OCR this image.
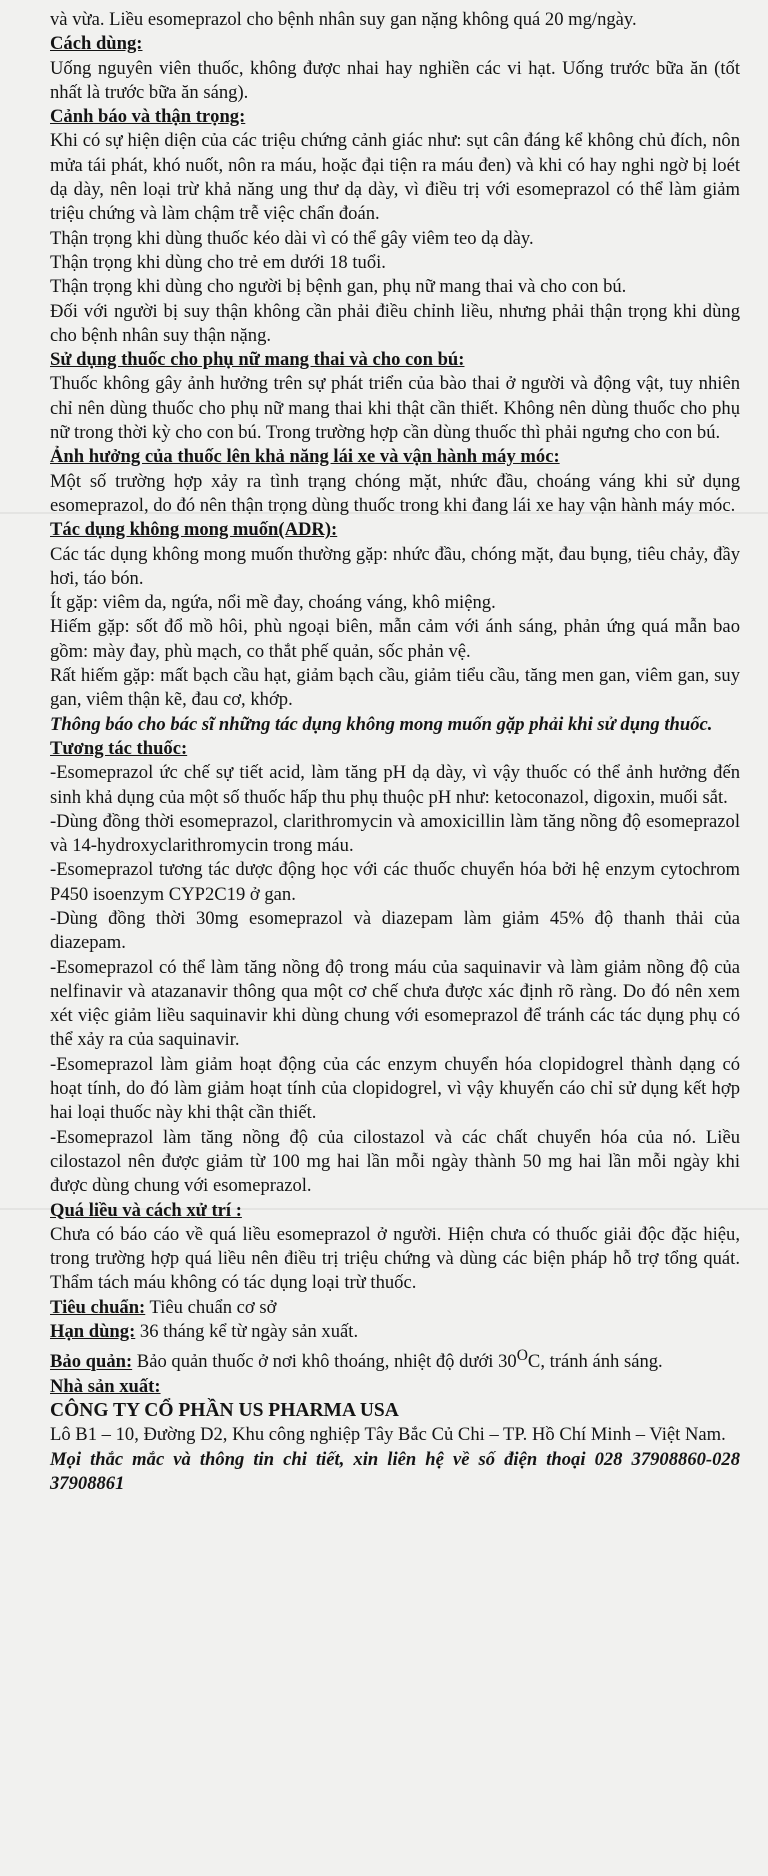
và vừa. Liều esomeprazol cho bệnh nhân suy gan nặng không quá 20 mg/ngày.

Cách dùng:

Uống nguyên viên thuốc, không được nhai hay nghiền các vi hạt. Uống trước bữa ăn (tốt nhất là trước bữa ăn sáng).

Cảnh báo và thận trọng:

Khi có sự hiện diện của các triệu chứng cảnh giác như: sụt cân đáng kể không chủ đích, nôn mửa tái phát, khó nuốt, nôn ra máu, hoặc đại tiện ra máu đen) và khi có hay nghi ngờ bị loét dạ dày, nên loại trừ khả năng ung thư dạ dày, vì điều trị với esomeprazol có thể làm giảm triệu chứng và làm chậm trễ việc chẩn đoán.

Thận trọng khi dùng thuốc kéo dài vì có thể gây viêm teo dạ dày.

Thận trọng khi dùng cho trẻ em dưới 18 tuổi.

Thận trọng khi dùng cho người bị bệnh gan, phụ nữ mang thai và cho con bú.

Đối với người bị suy thận không cần phải điều chỉnh liều, nhưng phải thận trọng khi dùng cho bệnh nhân suy thận nặng.

Sử dụng thuốc cho phụ nữ mang thai và cho con bú:

Thuốc không gây ảnh hưởng trên sự phát triển của bào thai ở người và động vật, tuy nhiên chỉ nên dùng thuốc cho phụ nữ mang thai khi thật cần thiết. Không nên dùng thuốc cho phụ nữ trong thời kỳ cho con bú. Trong trường hợp cần dùng thuốc thì phải ngưng cho con bú.

Ảnh hưởng của thuốc lên khả năng lái xe và vận hành máy móc:

Một số trường hợp xảy ra tình trạng chóng mặt, nhức đầu, choáng váng khi sử dụng esomeprazol, do đó nên thận trọng dùng thuốc trong khi đang lái xe hay vận hành máy móc.

Tác dụng không mong muốn(ADR):

Các tác dụng không mong muốn thường gặp: nhức đầu, chóng mặt, đau bụng, tiêu chảy, đầy hơi, táo bón.

Ít gặp: viêm da, ngứa, nổi mề đay, choáng váng, khô miệng.

Hiếm gặp: sốt đổ mồ hôi, phù ngoại biên, mẫn cảm với ánh sáng, phản ứng quá mẫn bao gồm: mày đay, phù mạch, co thắt phế quản, sốc phản vệ.

Rất hiếm gặp: mất bạch cầu hạt, giảm bạch cầu, giảm tiểu cầu, tăng men gan, viêm gan, suy gan, viêm thận kẽ, đau cơ, khớp.

Thông báo cho bác sĩ những tác dụng không mong muốn gặp phải khi sử dụng thuốc.

Tương tác thuốc:

-Esomeprazol ức chế sự tiết acid, làm tăng pH dạ dày, vì vậy thuốc có thể ảnh hưởng đến sinh khả dụng của một số thuốc hấp thu phụ thuộc pH như: ketoconazol, digoxin, muối sắt.

-Dùng đồng thời esomeprazol, clarithromycin và amoxicillin làm tăng nồng độ esomeprazol và 14-hydroxyclarithromycin trong máu.

-Esomeprazol tương tác dược động học với các thuốc chuyển hóa bởi hệ enzym cytochrom P450 isoenzym CYP2C19 ở gan.

-Dùng đồng thời 30mg esomeprazol và diazepam làm giảm 45% độ thanh thải của diazepam.

-Esomeprazol có thể làm tăng nồng độ trong máu của saquinavir và làm giảm nồng độ của nelfinavir và atazanavir thông qua một cơ chế chưa được xác định rõ ràng. Do đó nên xem xét việc giảm liều saquinavir khi dùng chung với esomeprazol để tránh các tác dụng phụ có thể xảy ra của saquinavir.

-Esomeprazol làm giảm hoạt động của các enzym chuyển hóa clopidogrel thành dạng có hoạt tính, do đó làm giảm hoạt tính của clopidogrel, vì vậy khuyến cáo chỉ sử dụng kết hợp hai loại thuốc này khi thật cần thiết.

-Esomeprazol làm tăng nồng độ của cilostazol và các chất chuyển hóa của nó. Liều cilostazol nên được giảm từ 100 mg hai lần mỗi ngày thành 50 mg hai lần mỗi ngày khi được dùng chung với esomeprazol.

Quá liều và cách xử trí :

Chưa có báo cáo về quá liều esomeprazol ở người. Hiện chưa có thuốc giải độc đặc hiệu, trong trường hợp quá liều nên điều trị triệu chứng và dùng các biện pháp hỗ trợ tổng quát. Thẩm tách máu không có tác dụng loại trừ thuốc.

Tiêu chuẩn: Tiêu chuẩn cơ sở

Hạn dùng: 36 tháng kể từ ngày sản xuất.

Bảo quản: Bảo quản thuốc ở nơi khô thoáng, nhiệt độ dưới $30^OC$, tránh ánh sáng.

Nhà sản xuất:

CÔNG TY CỔ PHẦN US PHARMA USA

Lô B1 – 10, Đường D2, Khu công nghiệp Tây Bắc Củ Chi – TP. Hồ Chí Minh – Việt Nam.

Mọi thắc mắc và thông tin chi tiết, xin liên hệ về số điện thoại 028 37908860-028 37908861
